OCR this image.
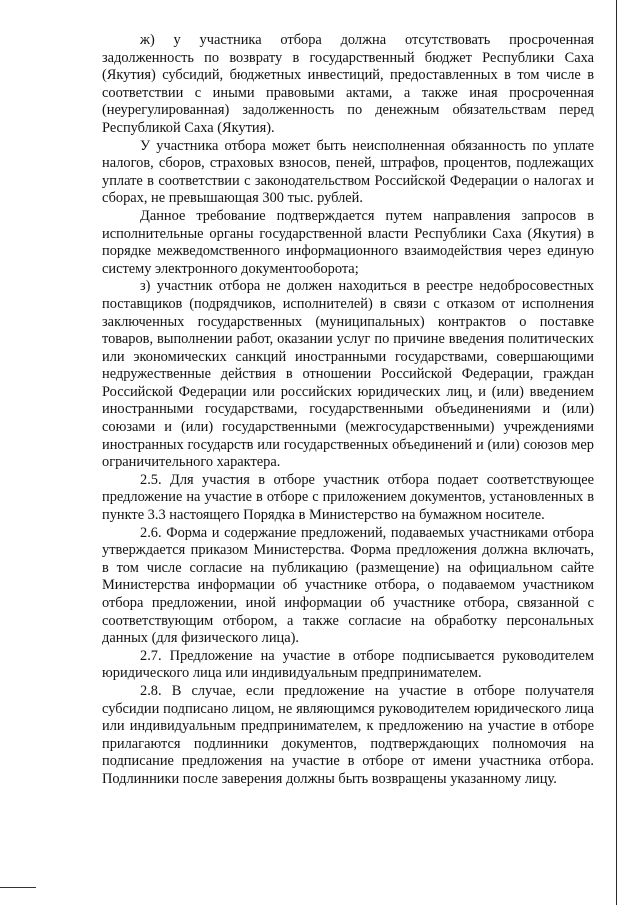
ж) у участника отбора должна отсутствовать просроченная задолженность по возврату в государственный бюджет Республики Саха (Якутия) субсидий, бюджетных инвестиций, предоставленных в том числе в соответствии с иными правовыми актами, а также иная просроченная (неурегулированная) задолженность по денежным обязательствам перед Республикой Саха (Якутия).

У участника отбора может быть неисполненная обязанность по уплате налогов, сборов, страховых взносов, пеней, штрафов, процентов, подлежащих уплате в соответствии с законодательством Российской Федерации о налогах и сборах, не превышающая 300 тыс. рублей.

Данное требование подтверждается путем направления запросов в исполнительные органы государственной власти Республики Саха (Якутия) в порядке межведомственного информационного взаимодействия через единую систему электронного документооборота;

з) участник отбора не должен находиться в реестре недобросовестных поставщиков (подрядчиков, исполнителей) в связи с отказом от исполнения заключенных государственных (муниципальных) контрактов о поставке товаров, выполнении работ, оказании услуг по причине введения политических или экономических санкций иностранными государствами, совершающими недружественные действия в отношении Российской Федерации, граждан Российской Федерации или российских юридических лиц, и (или) введением иностранными государствами, государственными объединениями и (или) союзами и (или) государственными (межгосударственными) учреждениями иностранных государств или государственных объединений и (или) союзов мер ограничительного характера.

2.5. Для участия в отборе участник отбора подает соответствующее предложение на участие в отборе с приложением документов, установленных в пункте 3.3 настоящего Порядка в Министерство на бумажном носителе.

2.6. Форма и содержание предложений, подаваемых участниками отбора утверждается приказом Министерства. Форма предложения должна включать, в том числе согласие на публикацию (размещение) на официальном сайте Министерства информации об участнике отбора, о подаваемом участником отбора предложении, иной информации об участнике отбора, связанной с соответствующим отбором, а также согласие на обработку персональных данных (для физического лица).

2.7. Предложение на участие в отборе подписывается руководителем юридического лица или индивидуальным предпринимателем.

2.8. В случае, если предложение на участие в отборе получателя субсидии подписано лицом, не являющимся руководителем юридического лица или индивидуальным предпринимателем, к предложению на участие в отборе прилагаются подлинники документов, подтверждающих полномочия на подписание предложения на участие в отборе от имени участника отбора. Подлинники после заверения должны быть возвращены указанному лицу.
